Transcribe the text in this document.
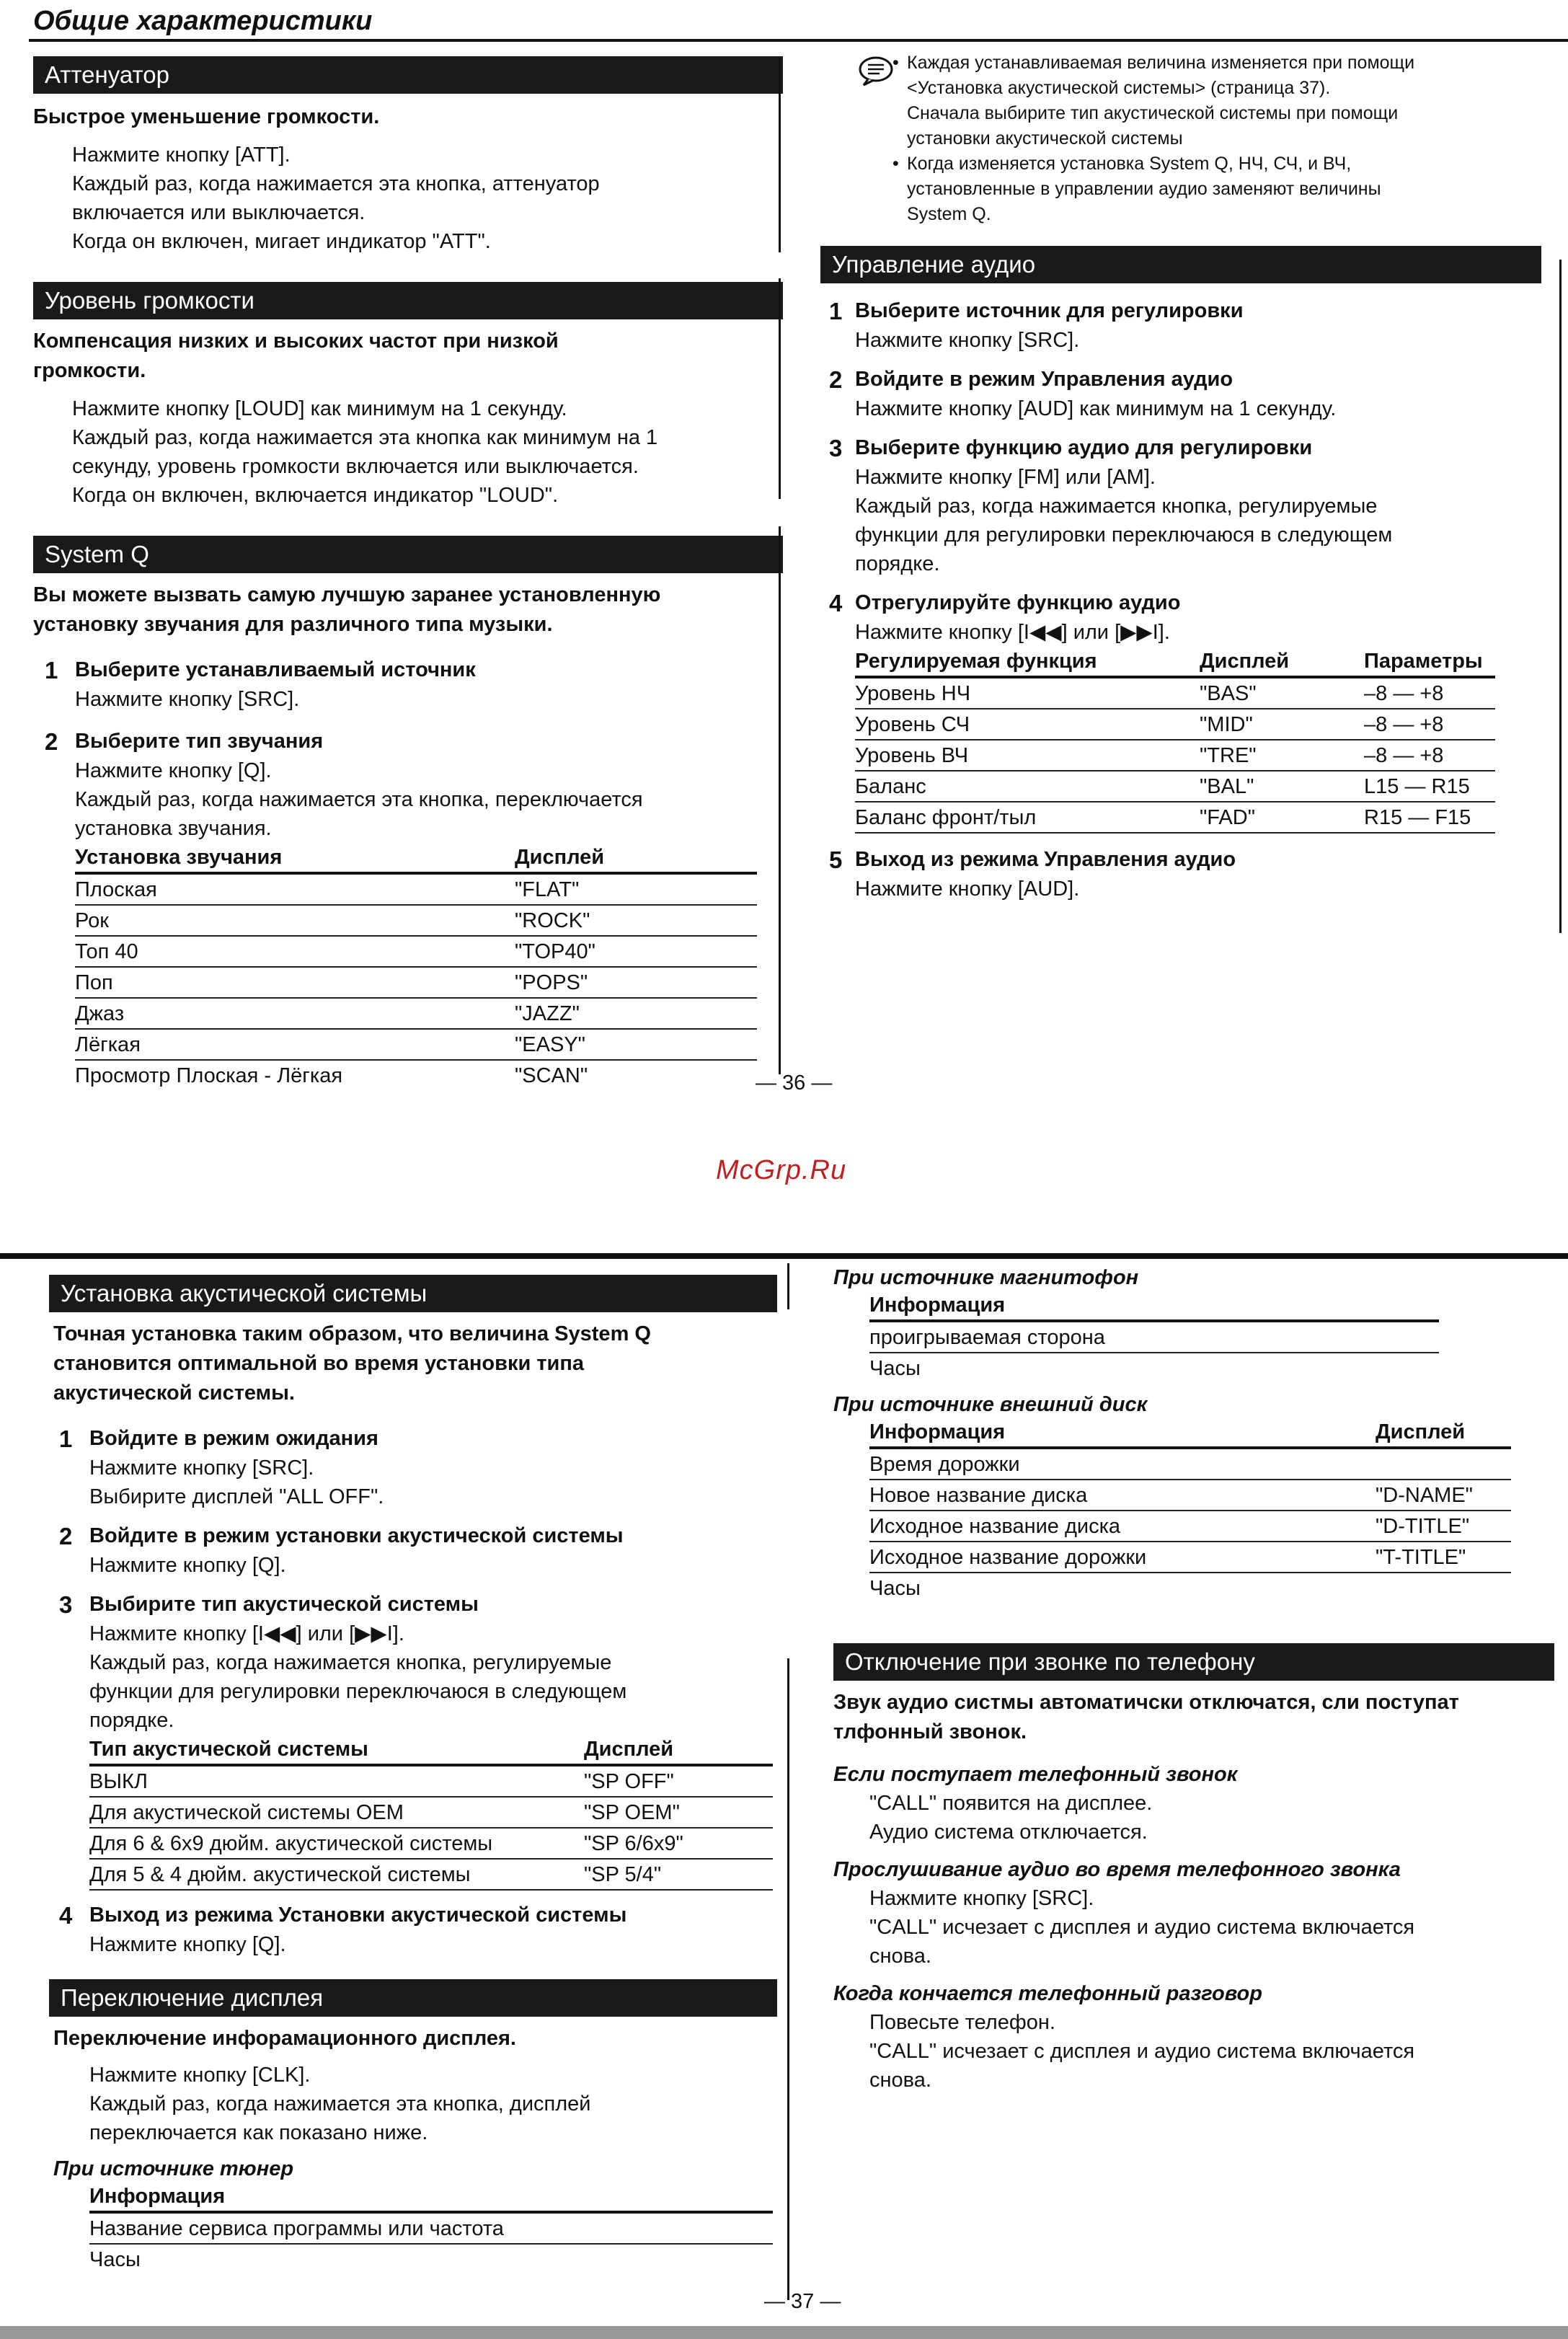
Общие характеристики
Аттенуатор
Быстрое уменьшение громкости.
Нажмите кнопку [ATT].
Каждый раз, когда нажимается эта кнопка, аттенуатор
включается или выключается.
Когда он включен, мигает индикатор "ATT".
Уровень громкости
Компенсация низких и высоких частот при низкой
громкости.
Нажмите кнопку [LOUD] как минимум на 1 секунду.
Каждый раз, когда нажимается эта кнопка как минимум на 1
секунду, уровень громкости включается или выключается.
Когда он включен, включается индикатор "LOUD".
System Q
Вы можете вызвать самую лучшую заранее установленную
установку звучания для различного типа музыки.
1 Выберите устанавливаемый источник
Нажмите кнопку [SRC].
2 Выберите тип звучания
Нажмите кнопку [Q].
Каждый раз, когда нажимается эта кнопка, переключается
установка звучания.
Установка звучания	Дисплей
Плоская	"FLAT"
Рок	"ROCK"
Топ 40	"TOP40"
Поп	"POPS"
Джаз	"JAZZ"
Лёгкая	"EASY"
Просмотр Плоская - Лёгкая	"SCAN"
• Каждая устанавливаемая величина изменяется при помощи
<Установка акустической системы> (страница 37).
Сначала выбирите тип акустической системы при помощи
установки акустической системы
• Когда изменяется установка System Q, НЧ, СЧ, и ВЧ,
установленные в управлении аудио заменяют величины
System Q.
Управление аудио
1 Выберите источник для регулировки
Нажмите кнопку [SRC].
2 Войдите в режим Управления аудио
Нажмите кнопку [AUD] как минимум на 1 секунду.
3 Выберите функцию аудио для регулировки
Нажмите кнопку [FM] или [AM].
Каждый раз, когда нажимается кнопка, регулируемые
функции для регулировки переключаюся в следующем
порядке.
4 Отрегулируйте функцию аудио
Нажмите кнопку [I◀◀] или [▶▶I].
Регулируемая функция	Дисплей	Параметры
Уровень НЧ	"BAS"	–8 — +8
Уровень СЧ	"MID"	–8 — +8
Уровень ВЧ	"TRE"	–8 — +8
Баланс	"BAL"	L15 — R15
Баланс фронт/тыл	"FAD"	R15 — F15
5 Выход из режима Управления аудио
Нажмите кнопку [AUD].
— 36 —
McGrp.Ru
Установка акустической системы
Точная установка таким образом, что величина System Q
становится оптимальной во время установки типа
акустической системы.
1 Войдите в режим ожидания
Нажмите кнопку [SRC].
Выбирите дисплей "ALL OFF".
2 Войдите в режим установки акустической системы
Нажмите кнопку [Q].
3 Выбирите тип акустической системы
Нажмите кнопку [I◀◀] или [▶▶I].
Каждый раз, когда нажимается кнопка, регулируемые
функции для регулировки переключаюся в следующем
порядке.
Тип акустической системы	Дисплей
ВЫКЛ	"SP OFF"
Для акустической системы OEM	"SP OEM"
Для 6 & 6x9 дюйм. акустической системы	"SP 6/6x9"
Для 5 & 4 дюйм. акустической системы	"SP 5/4"
4 Выход из режима Установки акустической системы
Нажмите кнопку [Q].
Переключение дисплея
Переключение инфорамационного дисплея.
Нажмите кнопку [CLK].
Каждый раз, когда нажимается эта кнопка, дисплей
переключается как показано ниже.
При источнике тюнер
Информация
Название сервиса программы или частота
Часы
При источнике магнитофон
Информация
проигрываемая сторона
Часы
При источнике внешний диск
Информация	Дисплей
Время дорожки	
Новое название диска	"D-NAME"
Исходное название диска	"D-TITLE"
Исходное название дорожки	"T-TITLE"
Часы	
Отключение при звонке по телефону
Звук аудио систмы автоматичски отключатся, сли поступат
тлфонный звонок.
Если поступает телефонный звонок
"CALL" появится на дисплее.
Аудио система отключается.
Прослушивание аудио во время телефонного звонка
Нажмите кнопку [SRC].
"CALL" исчезает с дисплея и аудио система включается
снова.
Когда кончается телефонный разговор
Повесьте телефон.
"CALL" исчезает с дисплея и аудио система включается
снова.
— 37 —
